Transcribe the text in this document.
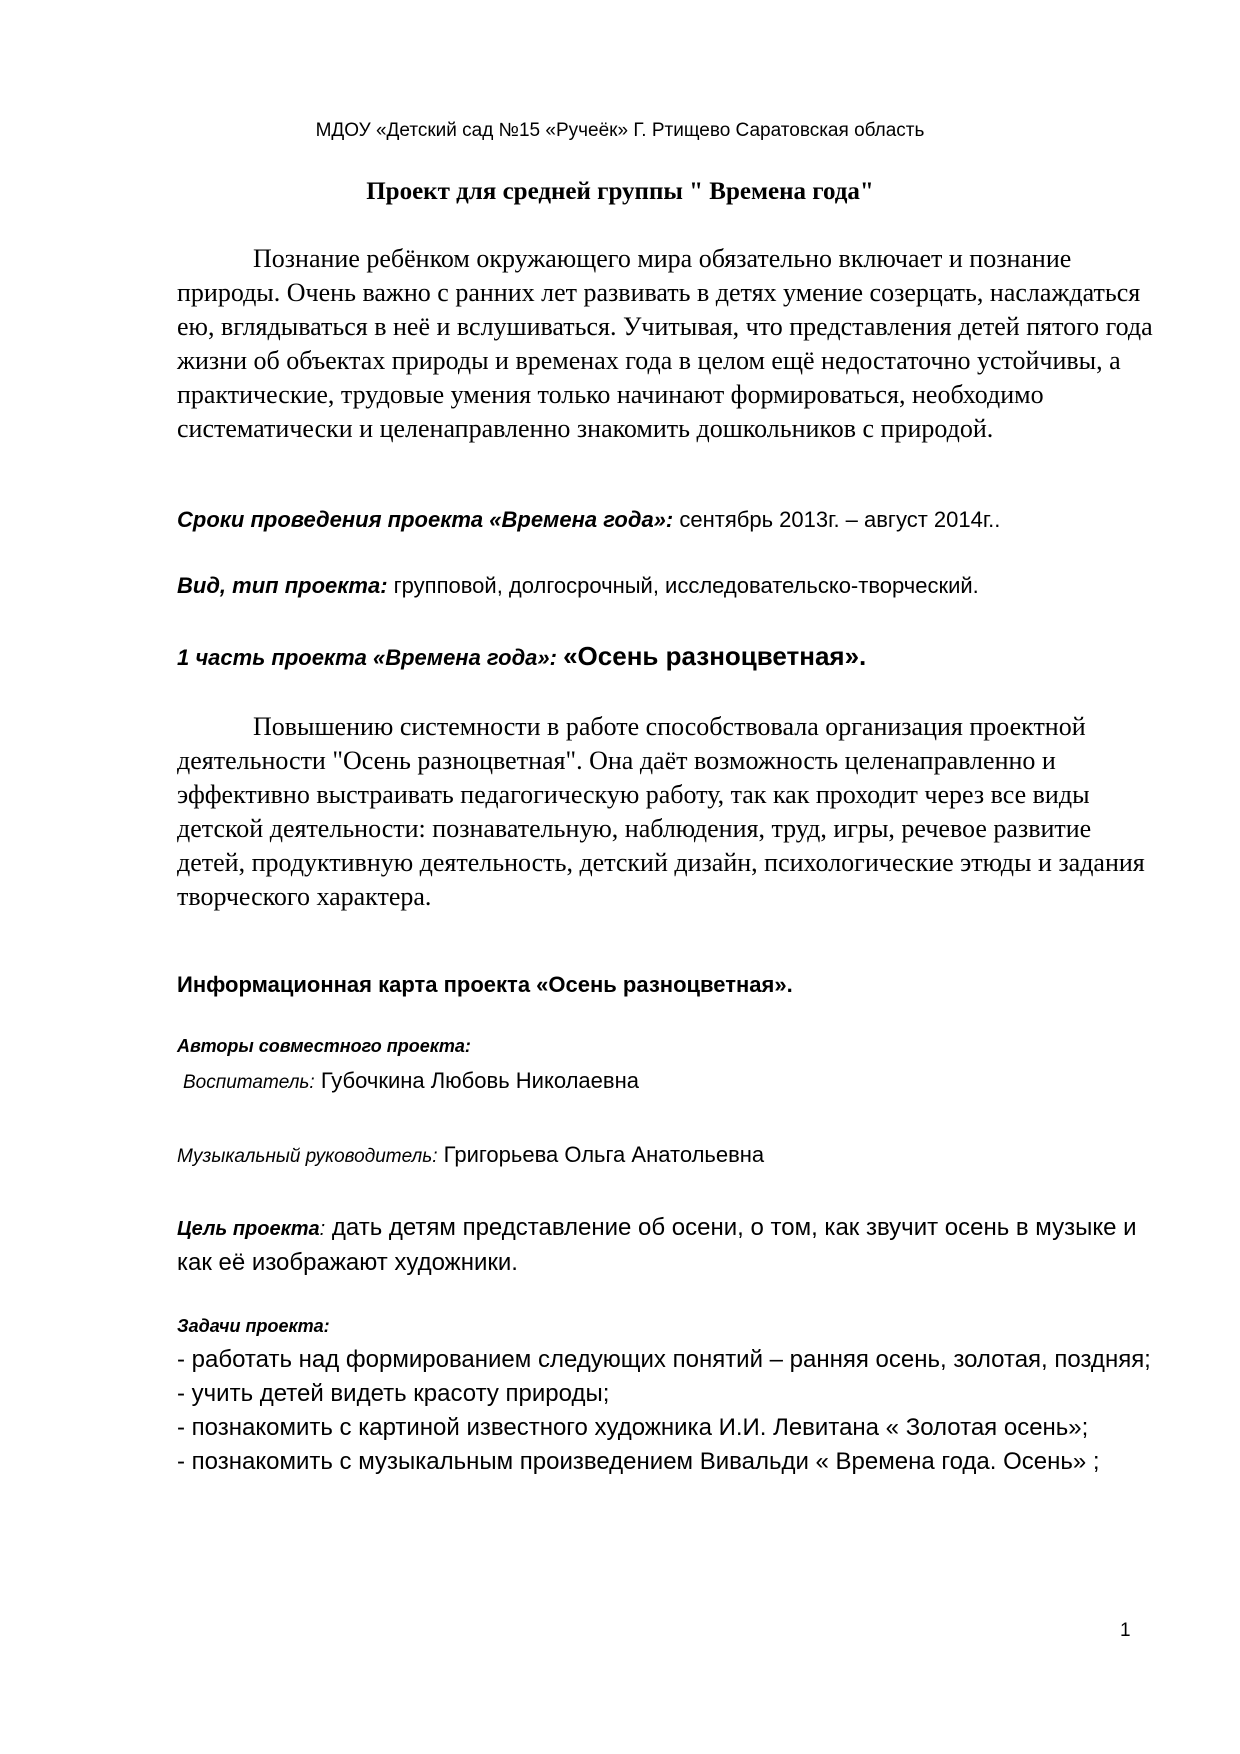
МДОУ «Детский сад №15 «Ручеёк» Г. Ртищево Саратовская область
Проект для средней группы " Времена года"

Познание ребёнком окружающего мира обязательно включает и познание природы. Очень важно с ранних лет развивать в детях умение созерцать, наслаждаться ею, вглядываться в неё и вслушиваться. Учитывая, что представления детей пятого года жизни об объектах природы и временах года в целом ещё недостаточно устойчивы, а практические, трудовые умения только начинают формироваться, необходимо систематически и целенаправленно знакомить дошкольников с природой.

Сроки проведения проекта «Времена года»: сентябрь 2013г. – август 2014г..
Вид, тип проекта: групповой, долгосрочный, исследовательско-творческий.
1 часть проекта «Времена года»: «Осень разноцветная».

Повышению системности в работе способствовала организация проектной деятельности "Осень разноцветная". Она даёт возможность целенаправленно и эффективно выстраивать педагогическую работу, так как проходит через все виды детской деятельности: познавательную, наблюдения, труд, игры, речевое развитие детей, продуктивную деятельность, детский дизайн, психологические этюды и задания творческого характера.

Информационная карта проекта «Осень разноцветная».
Авторы совместного проекта:
Воспитатель: Губочкина Любовь Николаевна
Музыкальный руководитель: Григорьева Ольга Анатольевна
Цель проекта: дать детям представление об осени, о том, как звучит осень в музыке и как её изображают художники.
Задачи проекта:
- работать над формированием следующих понятий – ранняя осень, золотая, поздняя;
- учить детей видеть красоту природы;
- познакомить с картиной известного художника И.И. Левитана « Золотая осень»;
- познакомить с музыкальным произведением Вивальди « Времена года. Осень» ;
1
